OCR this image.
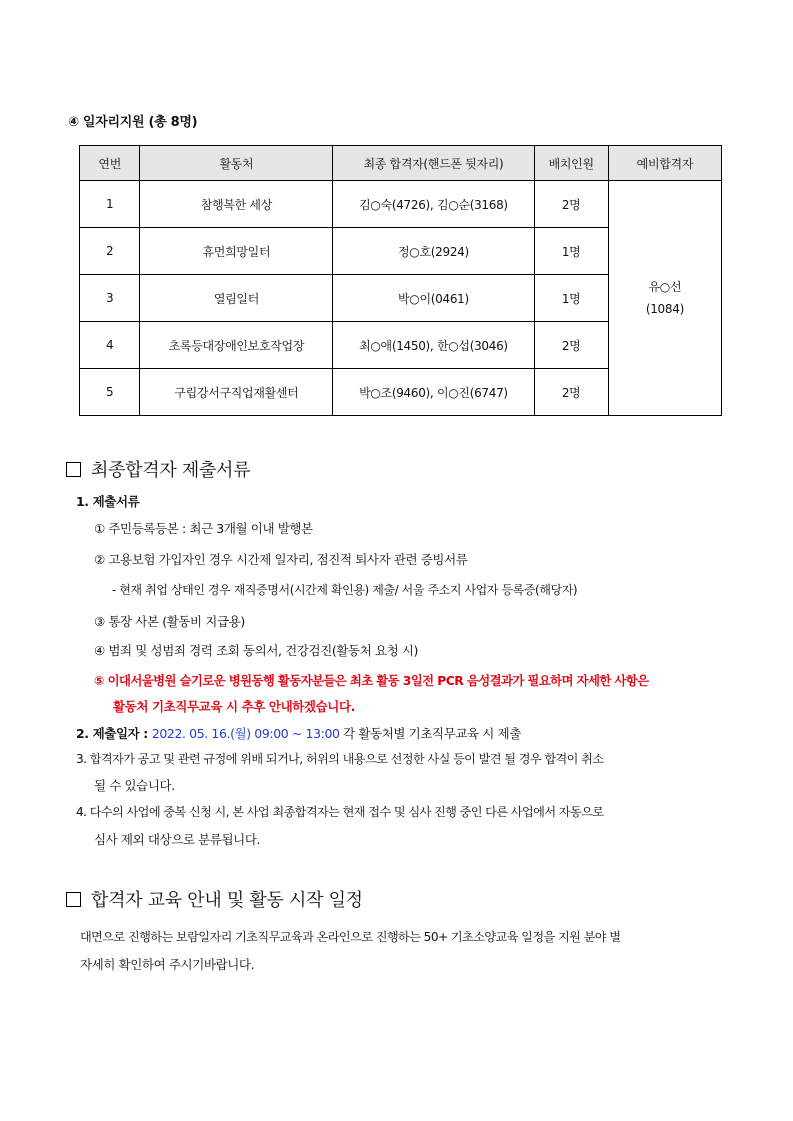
④ 일자리지원 (총 8명)
연번	활동처	최종 합격자(핸드폰 뒷자리)	배치인원	예비합격자
1	참행복한 세상	김○숙(4726), 김○순(3168)	2명	유○선
(1084)

2	휴먼희망일터	정○호(2924)	1명	
3	열림일터	박○이(0461)	1명	
4	초록등대장애인보호작업장	최○애(1450), 한○섭(3046)	2명	
5	구립강서구직업재활센터	박○조(9460), 이○진(6747)	2명	
최종합격자 제출서류
1. 제출서류
① 주민등록등본 : 최근 3개월 이내 발행본
② 고용보험 가입자인 경우 시간제 일자리, 점진적 퇴사자 관련 증빙서류
- 현재 취업 상태인 경우 재직증명서(시간제 확인용) 제출/ 서울 주소지 사업자 등록증(해당자)
③ 통장 사본 (활동비 지급용)
④ 범죄 및 성범죄 경력 조회 동의서, 건강검진(활동처 요청 시)
⑤ 이대서울병원 슬기로운 병원동행 활동자분들은 최초 활동 3일전 PCR 음성결과가 필요하며 자세한 사항은
활동처 기초직무교육 시 추후 안내하겠습니다.
2. 제출일자 : 2022. 05. 16.(월) 09:00 ~ 13:00 각 활동처별 기초직무교육 시 제출
3. 합격자가 공고 및 관련 규정에 위배 되거나, 허위의 내용으로 선정한 사실 등이 발견 될 경우 합격이 취소
될 수 있습니다.
4. 다수의 사업에 중복 신청 시, 본 사업 최종합격자는 현재 접수 및 심사 진행 중인 다른 사업에서 자동으로
심사 제외 대상으로 분류됩니다.
합격자 교육 안내 및 활동 시작 일정
대면으로 진행하는 보람일자리 기초직무교육과 온라인으로 진행하는 50+ 기초소양교육 일정을 지원 분야 별
자세히 확인하여 주시기바랍니다.
